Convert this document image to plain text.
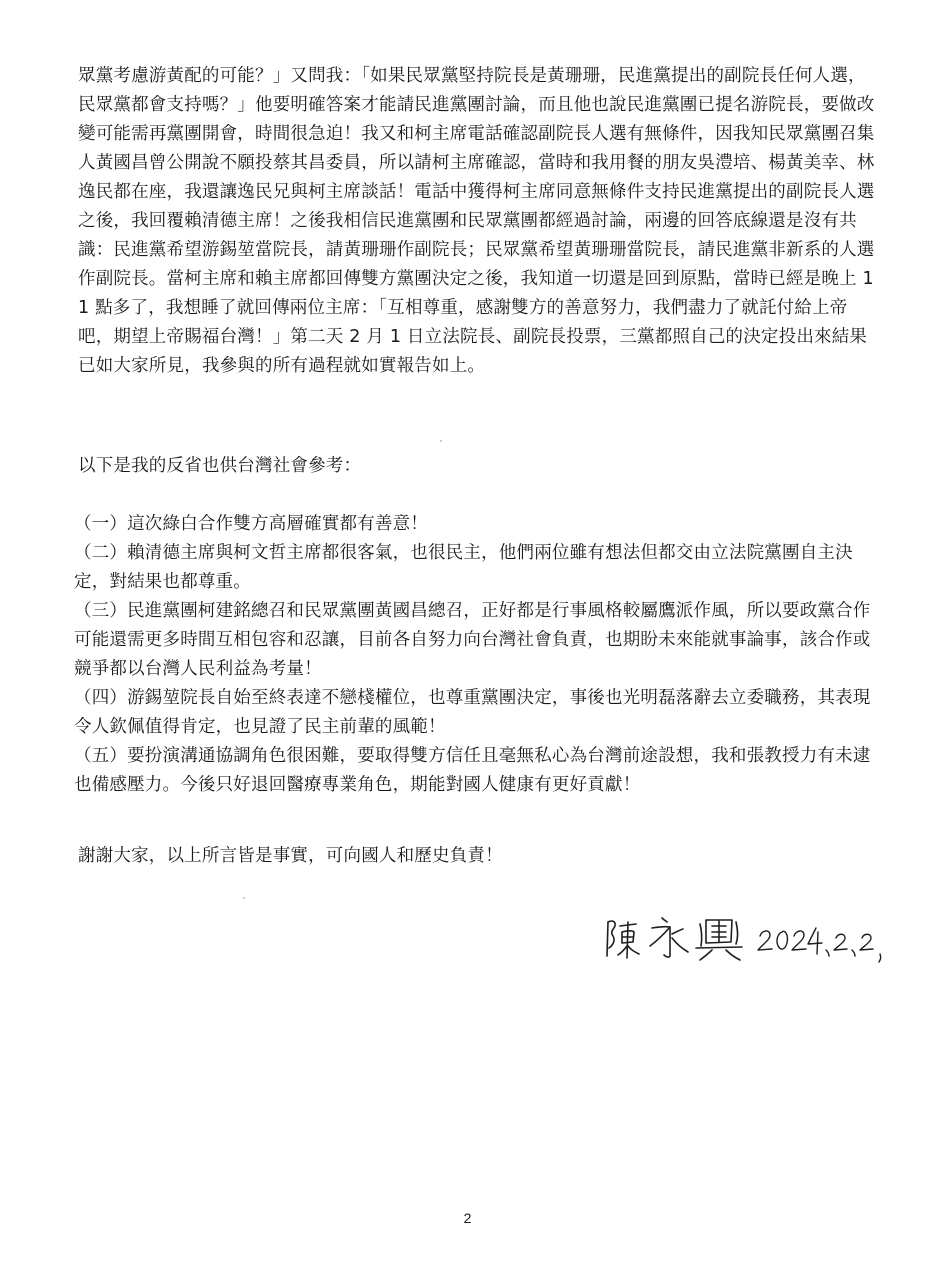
眾黨考慮游黃配的可能？」又問我：「如果民眾黨堅持院長是黃珊珊，民進黨提出的副院長任何人選，民眾黨都會支持嗎？」他要明確答案才能請民進黨團討論，而且他也說民進黨團已提名游院長，要做改變可能需再黨團開會，時間很急迫！我又和柯主席電話確認副院長人選有無條件，因我知民眾黨團召集人黃國昌曾公開說不願投蔡其昌委員，所以請柯主席確認，當時和我用餐的朋友吳澧培、楊黃美幸、林逸民都在座，我還讓逸民兄與柯主席談話！電話中獲得柯主席同意無條件支持民進黨提出的副院長人選之後，我回覆賴清德主席！之後我相信民進黨團和民眾黨團都經過討論，兩邊的回答底線還是沒有共識：民進黨希望游錫堃當院長，請黃珊珊作副院長；民眾黨希望黃珊珊當院長，請民進黨非新系的人選作副院長。當柯主席和賴主席都回傳雙方黨團決定之後，我知道一切還是回到原點，當時已經是晚上 11 點多了，我想睡了就回傳兩位主席：「互相尊重，感謝雙方的善意努力，我們盡力了就託付給上帝吧，期望上帝賜福台灣！」第二天 2 月 1 日立法院長、副院長投票，三黨都照自己的決定投出來結果已如大家所見，我參與的所有過程就如實報告如上。
以下是我的反省也供台灣社會參考：

（一）這次綠白合作雙方高層確實都有善意！

（二）賴清德主席與柯文哲主席都很客氣，也很民主，他們兩位雖有想法但都交由立法院黨團自主決定，對結果也都尊重。

（三）民進黨團柯建銘總召和民眾黨團黃國昌總召，正好都是行事風格較屬鷹派作風，所以要政黨合作可能還需更多時間互相包容和忍讓，目前各自努力向台灣社會負責，也期盼未來能就事論事，該合作或競爭都以台灣人民利益為考量！

（四）游錫堃院長自始至終表達不戀棧權位，也尊重黨團決定，事後也光明磊落辭去立委職務，其表現令人欽佩值得肯定，也見證了民主前輩的風範！

（五）要扮演溝通協調角色很困難，要取得雙方信任且毫無私心為台灣前途設想，我和張教授力有未逮也備感壓力。今後只好退回醫療專業角色，期能對國人健康有更好貢獻！

謝謝大家，以上所言皆是事實，可向國人和歷史負責！
2
